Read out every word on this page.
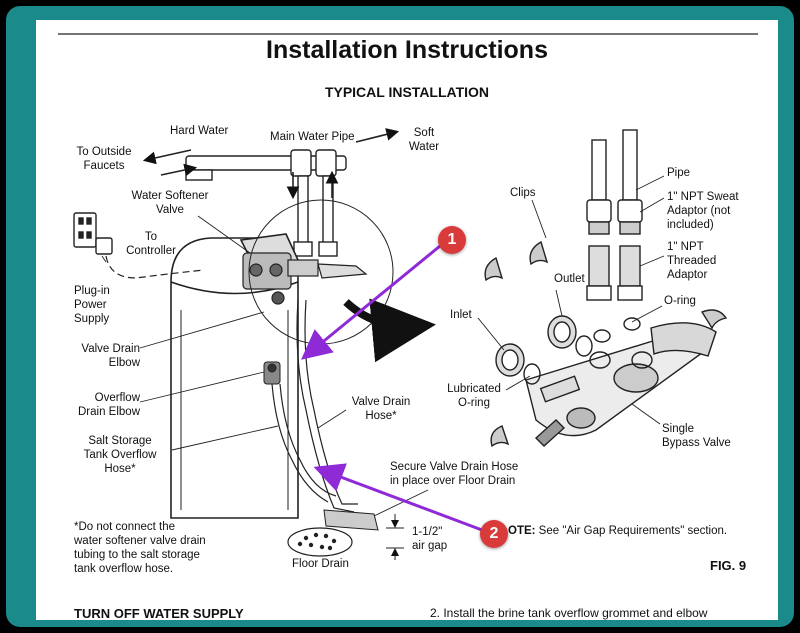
Installation Instructions
TYPICAL INSTALLATION
Hard Water	Main Water Pipe	Soft
Water
To Outside
Faucets
Water Softener
Valve
To
Controller
Plug-in
Power
Supply
Valve Drain
Elbow
Overflow
Drain Elbow
Salt Storage
Tank Overflow
Hose*
Valve Drain
Hose*
Secure Valve Drain Hose
in place over Floor Drain
1-1/2"
air gap
Floor Drain
*Do not connect the
water softener valve drain
tubing to the salt storage
tank overflow hose.
OTE: See "Air Gap Requirements" section.
Clips
Pipe
1" NPT Sweat
Adaptor (not
included)
1" NPT
Threaded
Adaptor
Outlet
O-ring
Inlet
Lubricated
O-ring
Single
Bypass Valve
FIG. 9
1
2
TURN OFF WATER SUPPLY	2. Install the brine tank overflow grommet and elbow
